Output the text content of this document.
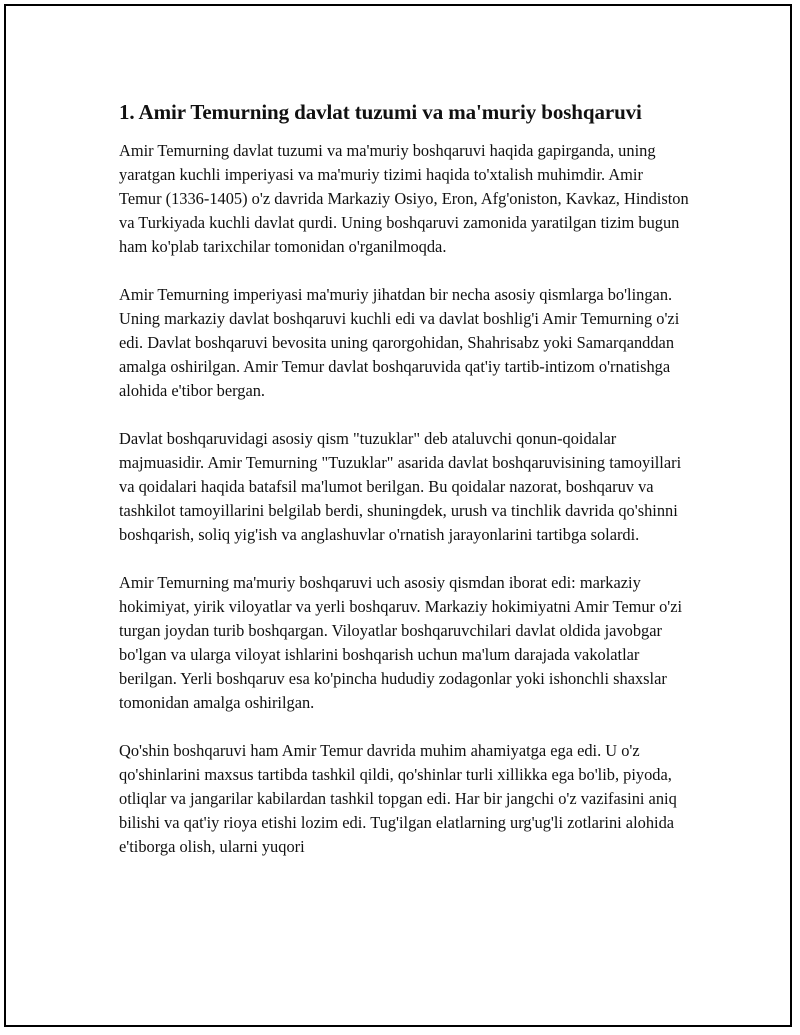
1. Amir Temurning davlat tuzumi va ma'muriy boshqaruvi

Amir Temurning davlat tuzumi va ma'muriy boshqaruvi haqida gapirganda, uning yaratgan kuchli imperiyasi va ma'muriy tizimi haqida to'xtalish muhimdir. Amir Temur (1336-1405) o'z davrida Markaziy Osiyo, Eron, Afg'oniston, Kavkaz, Hindiston va Turkiyada kuchli davlat qurdi. Uning boshqaruvi zamonida yaratilgan tizim bugun ham ko'plab tarixchilar tomonidan o'rganilmoqda.

Amir Temurning imperiyasi ma'muriy jihatdan bir necha asosiy qismlarga bo'lingan. Uning markaziy davlat boshqaruvi kuchli edi va davlat boshlig'i Amir Temurning o'zi edi. Davlat boshqaruvi bevosita uning qarorgohidan, Shahrisabz yoki Samarqanddan amalga oshirilgan. Amir Temur davlat boshqaruvida qat'iy tartib-intizom o'rnatishga alohida e'tibor bergan.

Davlat boshqaruvidagi asosiy qism "tuzuklar" deb ataluvchi qonun-qoidalar majmuasidir. Amir Temurning "Tuzuklar" asarida davlat boshqaruvisining tamoyillari va qoidalari haqida batafsil ma'lumot berilgan. Bu qoidalar nazorat, boshqaruv va tashkilot tamoyillarini belgilab berdi, shuningdek, urush va tinchlik davrida qo'shinni boshqarish, soliq yig'ish va anglashuvlar o'rnatish jarayonlarini tartibga solardi.

Amir Temurning ma'muriy boshqaruvi uch asosiy qismdan iborat edi: markaziy hokimiyat, yirik viloyatlar va yerli boshqaruv. Markaziy hokimiyatni Amir Temur o'zi turgan joydan turib boshqargan. Viloyatlar boshqaruvchilari davlat oldida javobgar bo'lgan va ularga viloyat ishlarini boshqarish uchun ma'lum darajada vakolatlar berilgan. Yerli boshqaruv esa ko'pincha hududiy zodagonlar yoki ishonchli shaxslar tomonidan amalga oshirilgan.

Qo'shin boshqaruvi ham Amir Temur davrida muhim ahamiyatga ega edi. U o'z qo'shinlarini maxsus tartibda tashkil qildi, qo'shinlar turli xillikka ega bo'lib, piyoda, otliqlar va jangarilar kabilardan tashkil topgan edi. Har bir jangchi o'z vazifasini aniq bilishi va qat'iy rioya etishi lozim edi. Tug'ilgan elatlarning urg'ug'li zotlarini alohida e'tiborga olish, ularni yuqori
